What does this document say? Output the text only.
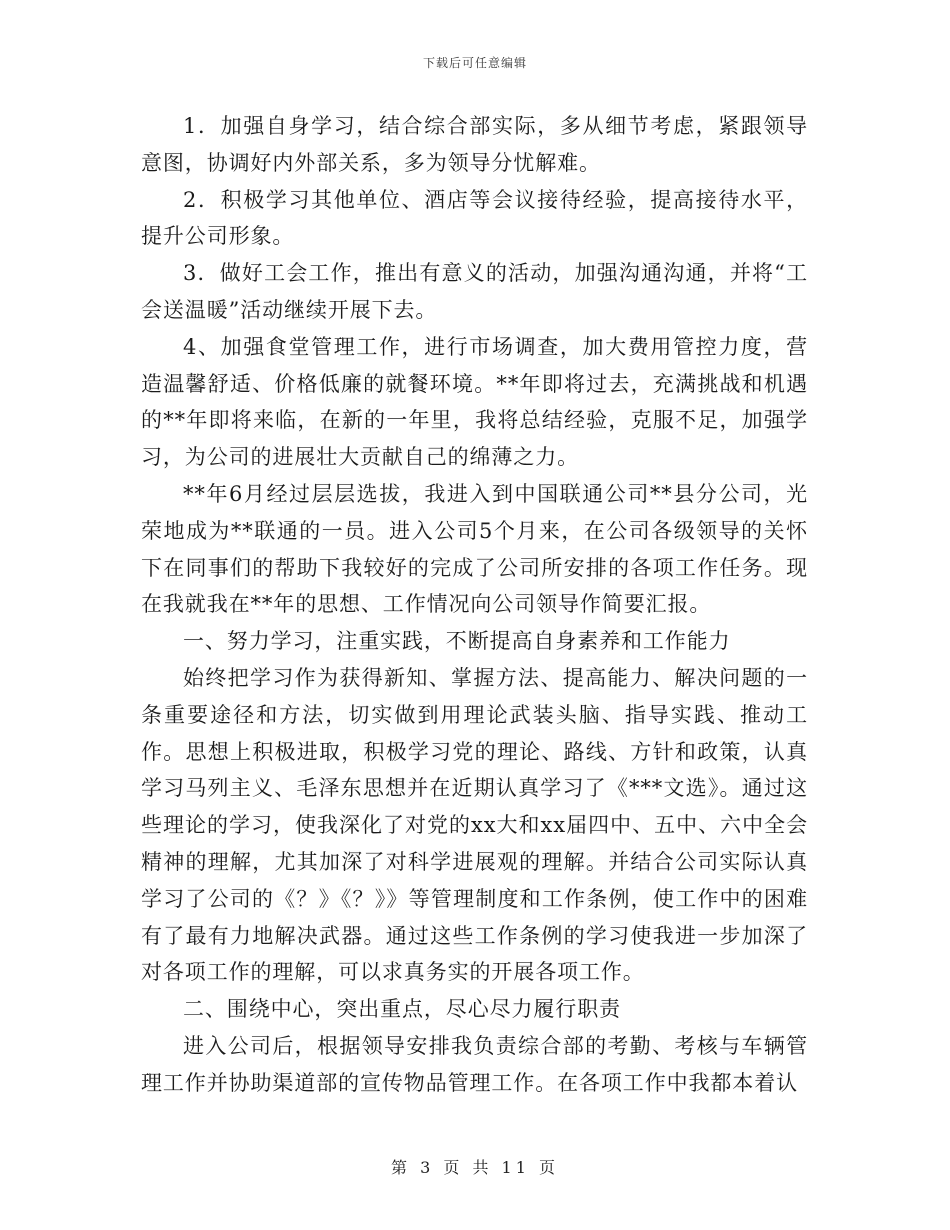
下载后可任意编辑

1．加强自身学习，结合综合部实际，多从细节考虑，紧跟领导意图，协调好内外部关系，多为领导分忧解难。

2．积极学习其他单位、酒店等会议接待经验，提高接待水平，提升公司形象。

3．做好工会工作，推出有意义的活动，加强沟通沟通，并将“工会送温暖”活动继续开展下去。

4、加强食堂管理工作，进行市场调查，加大费用管控力度，营造温馨舒适、价格低廉的就餐环境。**年即将过去，充满挑战和机遇的**年即将来临，在新的一年里，我将总结经验，克服不足，加强学习，为公司的进展壮大贡献自己的绵薄之力。

**年6月经过层层选拔，我进入到中国联通公司**县分公司，光荣地成为**联通的一员。进入公司5个月来，在公司各级领导的关怀下在同事们的帮助下我较好的完成了公司所安排的各项工作任务。现在我就我在**年的思想、工作情况向公司领导作简要汇报。

一、努力学习，注重实践，不断提高自身素养和工作能力

始终把学习作为获得新知、掌握方法、提高能力、解决问题的一条重要途径和方法，切实做到用理论武装头脑、指导实践、推动工作。思想上积极进取，积极学习党的理论、路线、方针和政策，认真学习马列主义、毛泽东思想并在近期认真学习了《***文选》。通过这些理论的学习，使我深化了对党的xx大和xx届四中、五中、六中全会精神的理解，尤其加深了对科学进展观的理解。并结合公司实际认真学习了公司的《？》《？》》等管理制度和工作条例，使工作中的困难有了最有力地解决武器。通过这些工作条例的学习使我进一步加深了对各项工作的理解，可以求真务实的开展各项工作。

二、围绕中心，突出重点，尽心尽力履行职责

进入公司后，根据领导安排我负责综合部的考勤、考核与车辆管理工作并协助渠道部的宣传物品管理工作。在各项工作中我都本着认

第 3 页 共 11 页
